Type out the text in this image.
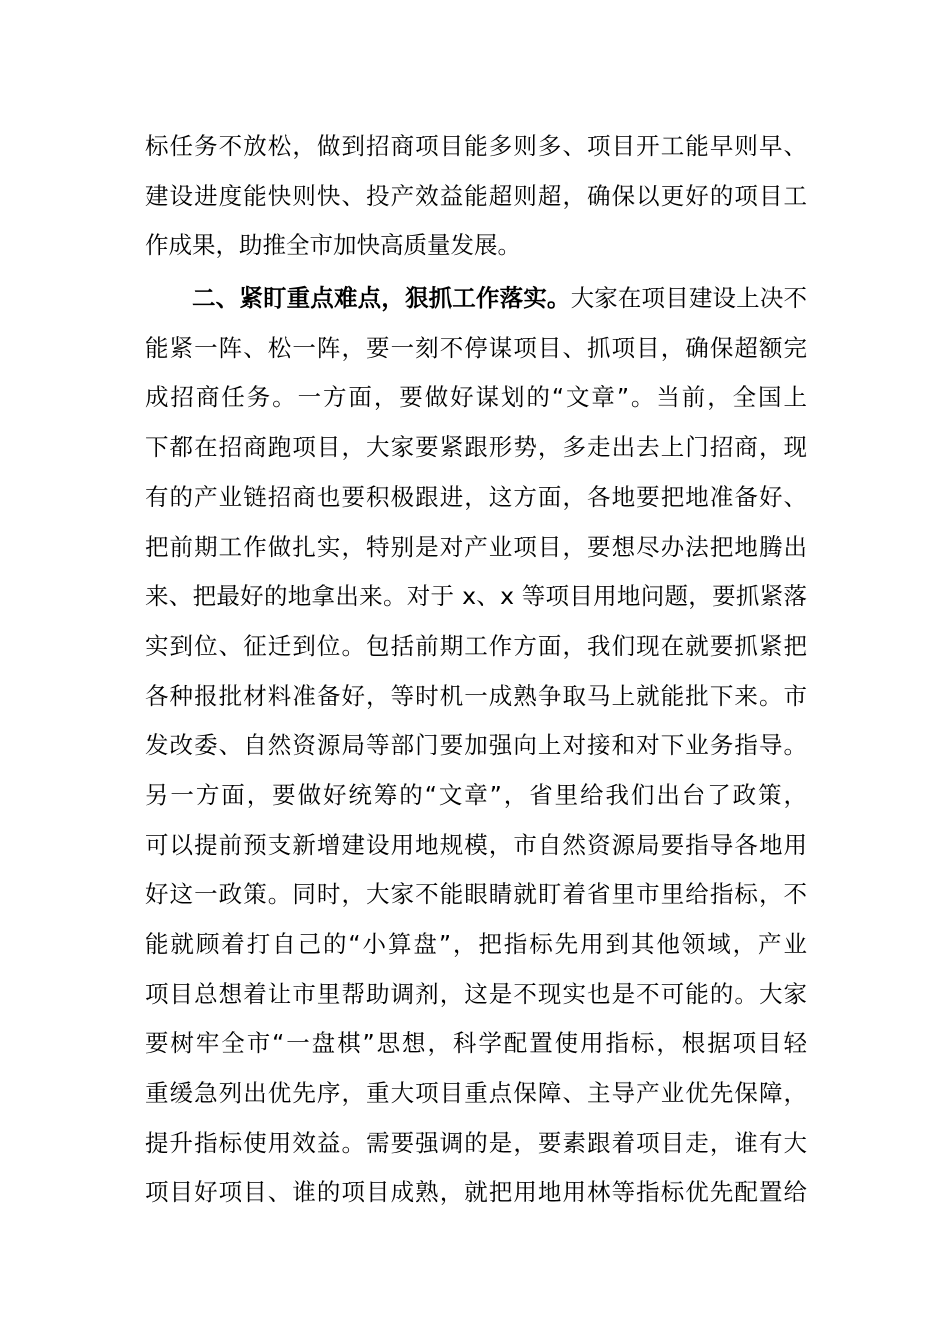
标任务不放松，做到招商项目能多则多、项目开工能早则早、
建设进度能快则快、投产效益能超则超，确保以更好的项目工
作成果，助推全市加快高质量发展。
二、紧盯重点难点，狠抓工作落实。大家在项目建设上决不
能紧一阵、松一阵，要一刻不停谋项目、抓项目，确保超额完
成招商任务。一方面，要做好谋划的“文章”。当前，全国上
下都在招商跑项目，大家要紧跟形势，多走出去上门招商，现
有的产业链招商也要积极跟进，这方面，各地要把地准备好、
把前期工作做扎实，特别是对产业项目，要想尽办法把地腾出
来、把最好的地拿出来。对于 x、x 等项目用地问题，要抓紧落
实到位、征迁到位。包括前期工作方面，我们现在就要抓紧把
各种报批材料准备好，等时机一成熟争取马上就能批下来。市
发改委、自然资源局等部门要加强向上对接和对下业务指导。
另一方面，要做好统筹的“文章”，省里给我们出台了政策，
可以提前预支新增建设用地规模，市自然资源局要指导各地用
好这一政策。同时，大家不能眼睛就盯着省里市里给指标，不
能就顾着打自己的“小算盘”，把指标先用到其他领域，产业
项目总想着让市里帮助调剂，这是不现实也是不可能的。大家
要树牢全市“一盘棋”思想，科学配置使用指标，根据项目轻
重缓急列出优先序，重大项目重点保障、主导产业优先保障，
提升指标使用效益。需要强调的是，要素跟着项目走，谁有大
项目好项目、谁的项目成熟，就把用地用林等指标优先配置给
